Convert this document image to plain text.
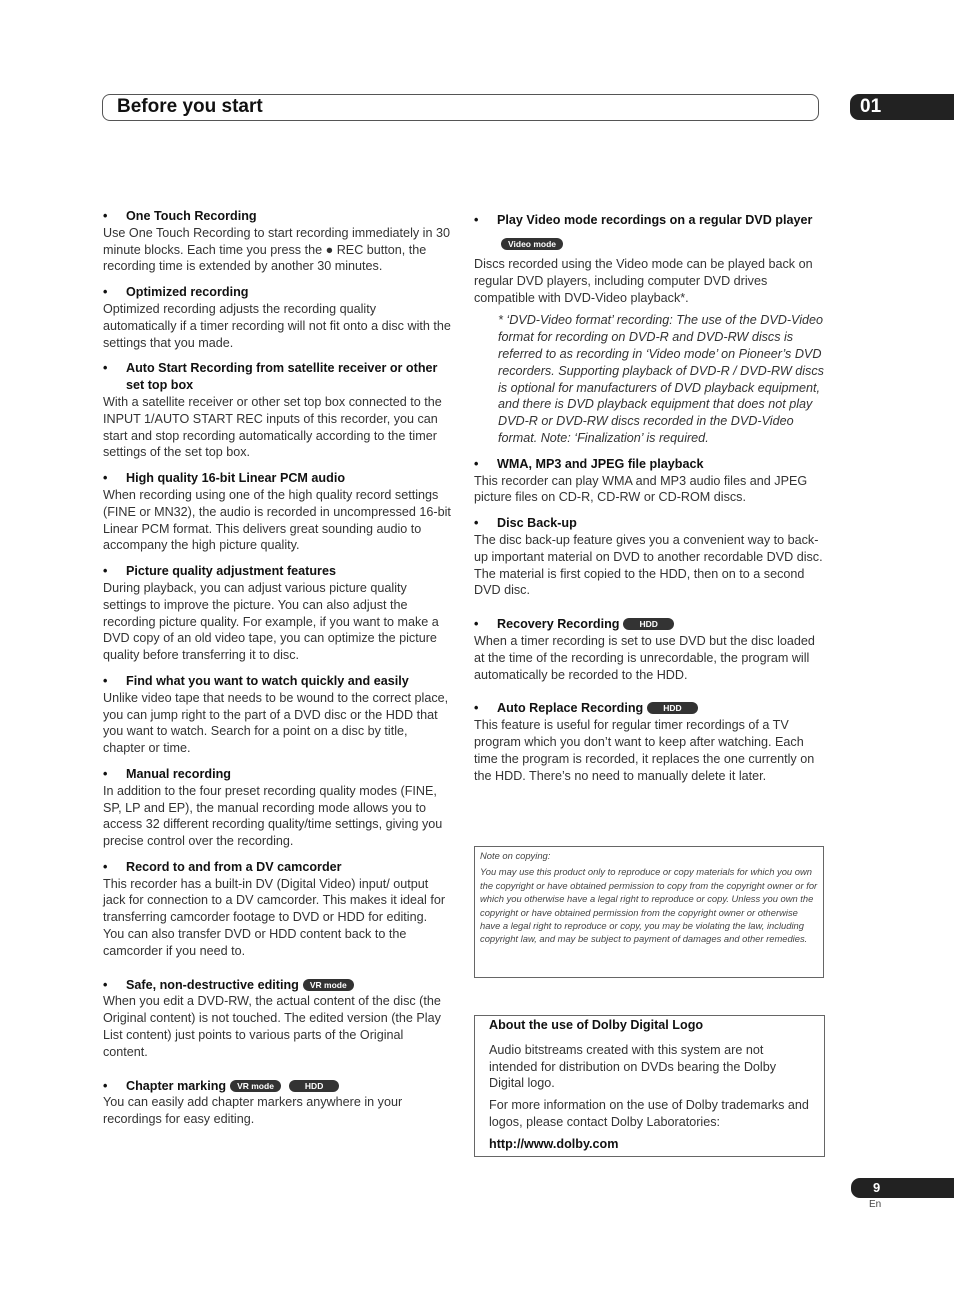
Before you start	01
• One Touch Recording
Use One Touch Recording to start recording immediately in 30 minute blocks. Each time you press the ● REC button, the recording time is extended by another 30 minutes.
• Optimized recording
Optimized recording adjusts the recording quality automatically if a timer recording will not fit onto a disc with the settings that you made.
• Auto Start Recording from satellite receiver or other set top box
With a satellite receiver or other set top box connected to the INPUT 1/AUTO START REC inputs of this recorder, you can start and stop recording automatically according to the timer settings of the set top box.
• High quality 16-bit Linear PCM audio
When recording using one of the high quality record settings (FINE or MN32), the audio is recorded in uncompressed 16-bit Linear PCM format. This delivers great sounding audio to accompany the high picture quality.
• Picture quality adjustment features
During playback, you can adjust various picture quality settings to improve the picture. You can also adjust the recording picture quality. For example, if you want to make a DVD copy of an old video tape, you can optimize the picture quality before transferring it to disc.
• Find what you want to watch quickly and easily
Unlike video tape that needs to be wound to the correct place, you can jump right to the part of a DVD disc or the HDD that you want to watch. Search for a point on a disc by title, chapter or time.
• Manual recording
In addition to the four preset recording quality modes (FINE, SP, LP and EP), the manual recording mode allows you to access 32 different recording quality/time settings, giving you precise control over the recording.
• Record to and from a DV camcorder
This recorder has a built-in DV (Digital Video) input/ output jack for connection to a DV camcorder. This makes it ideal for transferring camcorder footage to DVD or HDD for editing. You can also transfer DVD or HDD content back to the camcorder if you need to.
• Safe, non-destructive editing VR mode
When you edit a DVD-RW, the actual content of the disc (the Original content) is not touched. The edited version (the Play List content) just points to various parts of the Original content.
• Chapter marking VR mode	HDD
You can easily add chapter markers anywhere in your recordings for easy editing.
• Play Video mode recordings on a regular DVD playerVideo mode
Discs recorded using the Video mode can be played back on regular DVD players, including computer DVD drives compatible with DVD-Video playback*.
* ‘DVD-Video format’ recording: The use of the DVD-Video format for recording on DVD-R and DVD-RW discs is referred to as recording in ‘Video mode’ on Pioneer’s DVD recorders. Supporting playback of DVD-R / DVD-RW discs is optional for manufacturers of DVD playback equipment, and there is DVD playback equipment that does not play DVD-R or DVD-RW discs recorded in the DVD-Video format. Note: ‘Finalization’ is required.
• WMA, MP3 and JPEG file playback
This recorder can play WMA and MP3 audio files and JPEG picture files on CD-R, CD-RW or CD-ROM discs.
• Disc Back-up
The disc back-up feature gives you a convenient way to back-up important material on DVD to another recordable DVD disc. The material is first copied to the HDD, then on to a second DVD disc.
• Recovery Recording HDD
When a timer recording is set to use DVD but the disc loaded at the time of the recording is unrecordable, the program will automatically be recorded to the HDD.
• Auto Replace Recording HDD
This feature is useful for regular timer recordings of a TV program which you don’t want to keep after watching. Each time the program is recorded, it replaces the one currently on the HDD. There’s no need to manually delete it later.
Note on copying:
You may use this product only to reproduce or copy materials for which you own the copyright or have obtained permission to copy from the copyright owner or for which you otherwise have a legal right to reproduce or copy. Unless you own the copyright or have obtained permission from the copyright owner or otherwise have a legal right to reproduce or copy, you may be violating the law, including copyright law, and may be subject to payment of damages and other remedies.

About the use of Dolby Digital Logo

Audio bitstreams created with this system are not intended for distribution on DVDs bearing the Dolby Digital logo.

For more information on the use of Dolby trademarks and logos, please contact Dolby Laboratories:

http://www.dolby.com

9
En
